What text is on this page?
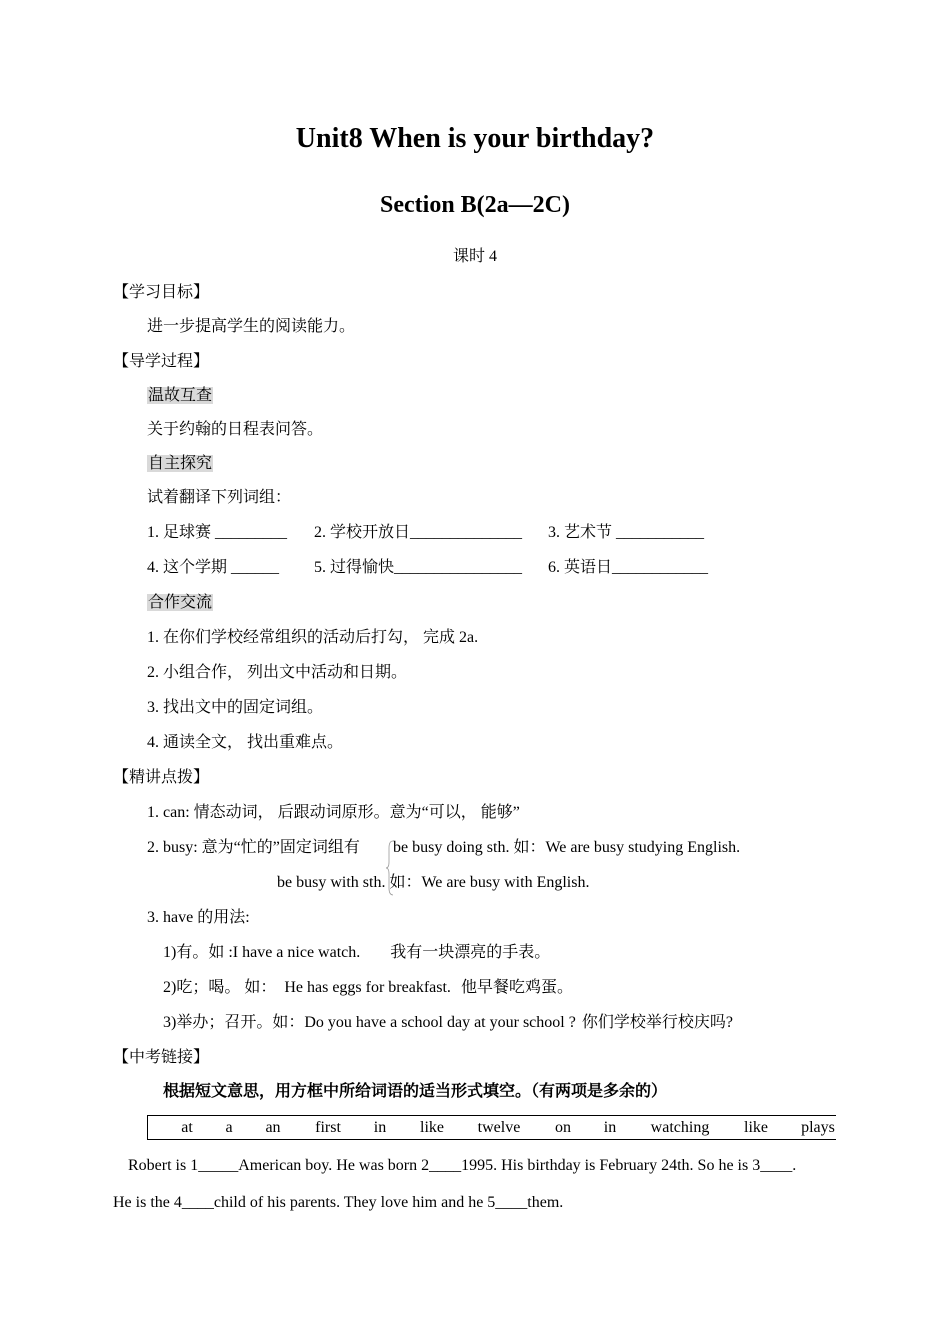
Unit8 When is your birthday?
Section B(2a—2C)
课时 4
【学习目标】
进一步提高学生的阅读能力。
【导学过程】
温故互查
关于约翰的日程表问答。
自主探究
试着翻译下列词组：
1. 足球赛 _________ 2. 学校开放日______________ 3. 艺术节 ___________
4. 这个学期 ______ 5. 过得愉快________________ 6. 英语日____________
合作交流
1. 在你们学校经常组织的活动后打勾， 完成 2a.
2. 小组合作， 列出文中活动和日期。
3. 找出文中的固定词组。
4. 通读全文， 找出重难点。
【精讲点拨】
1. can: 情态动词， 后跟动词原形。意为“可以， 能够”
2. busy: 意为“忙的”固定词组有 be busy doing sth. 如：We are busy studying English.
be busy with sth. 如：We are busy with English.
3. have 的用法:
1)有。如 :I have a nice watch. 我有一块漂亮的手表。
2)吃；喝。 如：  He has eggs for breakfast. 他早餐吃鸡蛋。
3)举办；召开。如：Do you have a school day at your school ? 你们学校举行校庆吗?
【中考链接】
根据短文意思，用方框中所给词语的适当形式填空。（有两项是多余的）
at a an first in like twelve on in watching like plays
Robert is 1_____American boy. He was born 2____1995. His birthday is February 24th. So he is 3____.
He is the 4____child of his parents. They love him and he 5____them.
